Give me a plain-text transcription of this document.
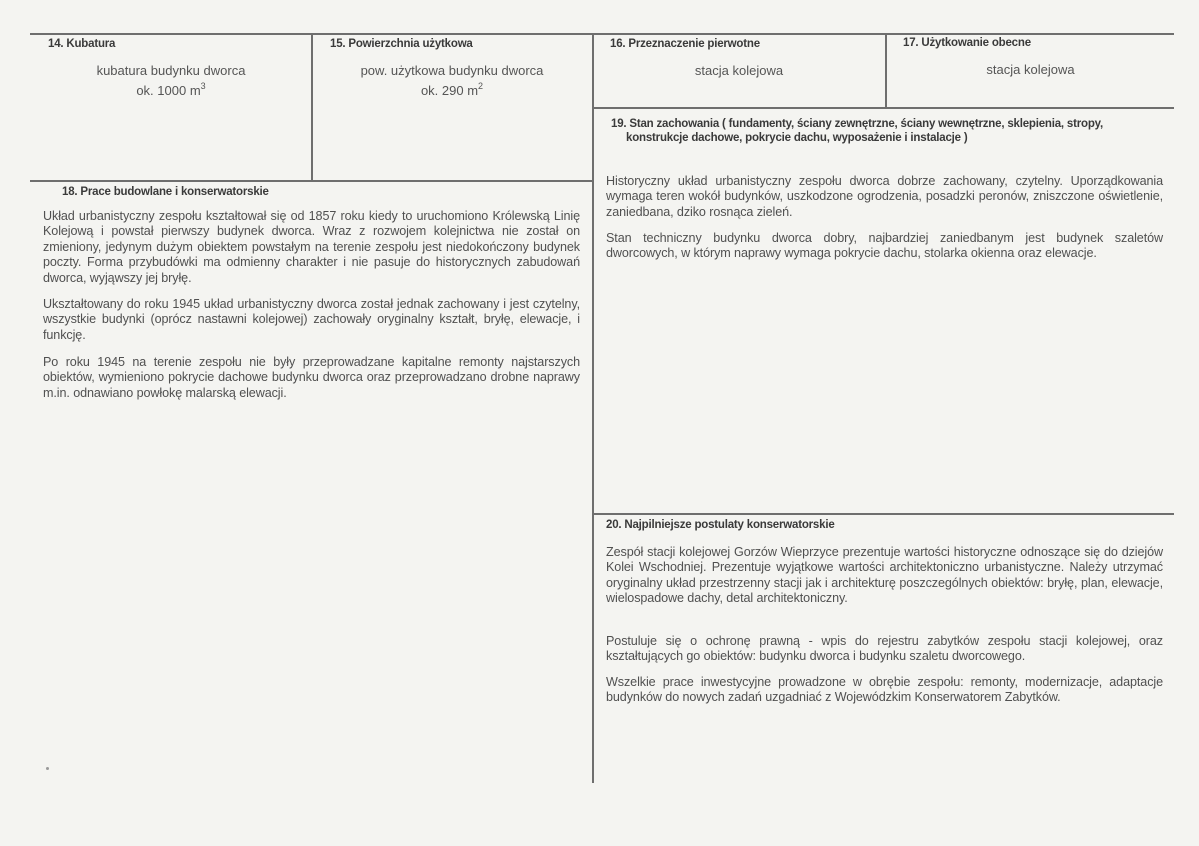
14. Kubatura
kubatura budynku dworca
ok. 1000 $m^3$
15. Powierzchnia użytkowa
pow. użytkowa budynku dworca
ok. 290 $m^2$
16. Przeznaczenie pierwotne
stacja kolejowa
17. Użytkowanie obecne
stacja kolejowa
19. Stan zachowania ( fundamenty, ściany zewnętrzne, ściany wewnętrzne, sklepienia, stropy,
konstrukcje dachowe, pokrycie dachu, wyposażenie i instalacje )

Historyczny układ urbanistyczny zespołu dworca dobrze zachowany, czytelny. Uporządkowania wymaga teren wokół budynków, uszkodzone ogrodzenia, posadzki peronów, zniszczone oświetlenie, zaniedbana, dziko rosnąca zieleń.

Stan techniczny budynku dworca dobry, najbardziej zaniedbanym jest budynek szaletów dworcowych, w którym naprawy wymaga pokrycie dachu, stolarka okienna oraz elewacje.

18. Prace budowlane i konserwatorskie

Układ urbanistyczny zespołu kształtował się od 1857 roku kiedy to uruchomiono Królewską Linię Kolejową i powstał pierwszy budynek dworca. Wraz z rozwojem kolejnictwa nie został on zmieniony, jedynym dużym obiektem powstałym na terenie zespołu jest niedokończony budynek poczty. Forma przybudówki ma odmienny charakter i nie pasuje do historycznych zabudowań dworca, wyjąwszy jej bryłę.

Ukształtowany do roku 1945 układ urbanistyczny dworca został jednak zachowany i jest czytelny, wszystkie budynki (oprócz nastawni kolejowej) zachowały oryginalny kształt, bryłę, elewacje, i funkcję.

Po roku 1945 na terenie zespołu nie były przeprowadzane kapitalne remonty najstarszych obiektów, wymieniono pokrycie dachowe budynku dworca oraz przeprowadzano drobne naprawy m.in. odnawiano powłokę malarską elewacji.

20. Najpilniejsze postulaty konserwatorskie

Zespół stacji kolejowej Gorzów Wieprzyce prezentuje wartości historyczne odnoszące się do dziejów Kolei Wschodniej. Prezentuje wyjątkowe wartości architektoniczno urbanistyczne. Należy utrzymać oryginalny układ przestrzenny stacji jak i architekturę poszczególnych obiektów: bryłę, plan, elewacje, wielospadowe dachy, detal architektoniczny.

Postuluje się o ochronę prawną - wpis do rejestru zabytków zespołu stacji kolejowej, oraz kształtujących go obiektów: budynku dworca i budynku szaletu dworcowego.

Wszelkie prace inwestycyjne prowadzone w obrębie zespołu: remonty, modernizacje, adaptacje budynków do nowych zadań uzgadniać z Wojewódzkim Konserwatorem Zabytków.
